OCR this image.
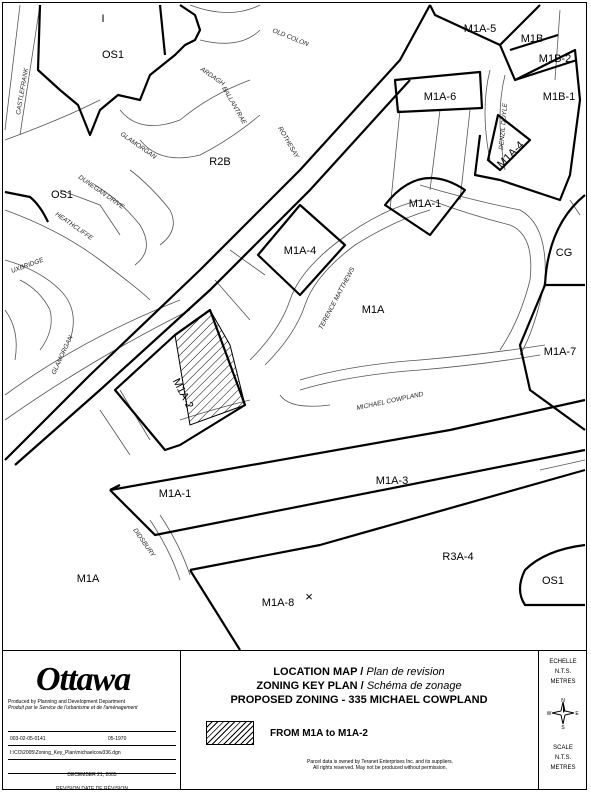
OS1
I
OS1
R2B
M1A-5
M1B
M1B-2
M1B-1
M1A-6
M1A-4
M1A-1
M1A-4	CG
M1A
M1A-7
M1A-2
M1A-3
M1A-1
R3A-4
OS1
M1A
M1A-8 ×
CASTLEFRANK
OLD COLON
ARDAGH
BALLANTRAE
ROTHESAY
GLAMORGAN
DUNEGAN DRIVE
HEATHCLIFFE
UXBRIDGE
GLAMORGAN
DENZIL DOYLE
TERENCE MATTHEWS
MICHAEL COWPLAND
DIDSBURY
Ottawa
Produced by Planning and Development Department
Produit par le Service de l'urbanisme et de l'aménagement
003-02-05-0141	05-1970
I:\CO\2005\Zoning_Key_Plan\michaelcow336.dgn
DECEMBER 21, 2005
REVISION DATE DE RÉVISION
LOCATION MAP / Plan de revision
ZONING KEY PLAN / Schéma de zonage
PROPOSED ZONING - 335 MICHAEL COWPLAND
FROM M1A to M1A-2
Parcel data is owned by Teranet Enterprises Inc. and its suppliers.
All rights reserved. May not be produced without permission.
ECHELLE
N.T.S.
METRES
N
S
E
W
SCALE
N.T.S.
METRES
